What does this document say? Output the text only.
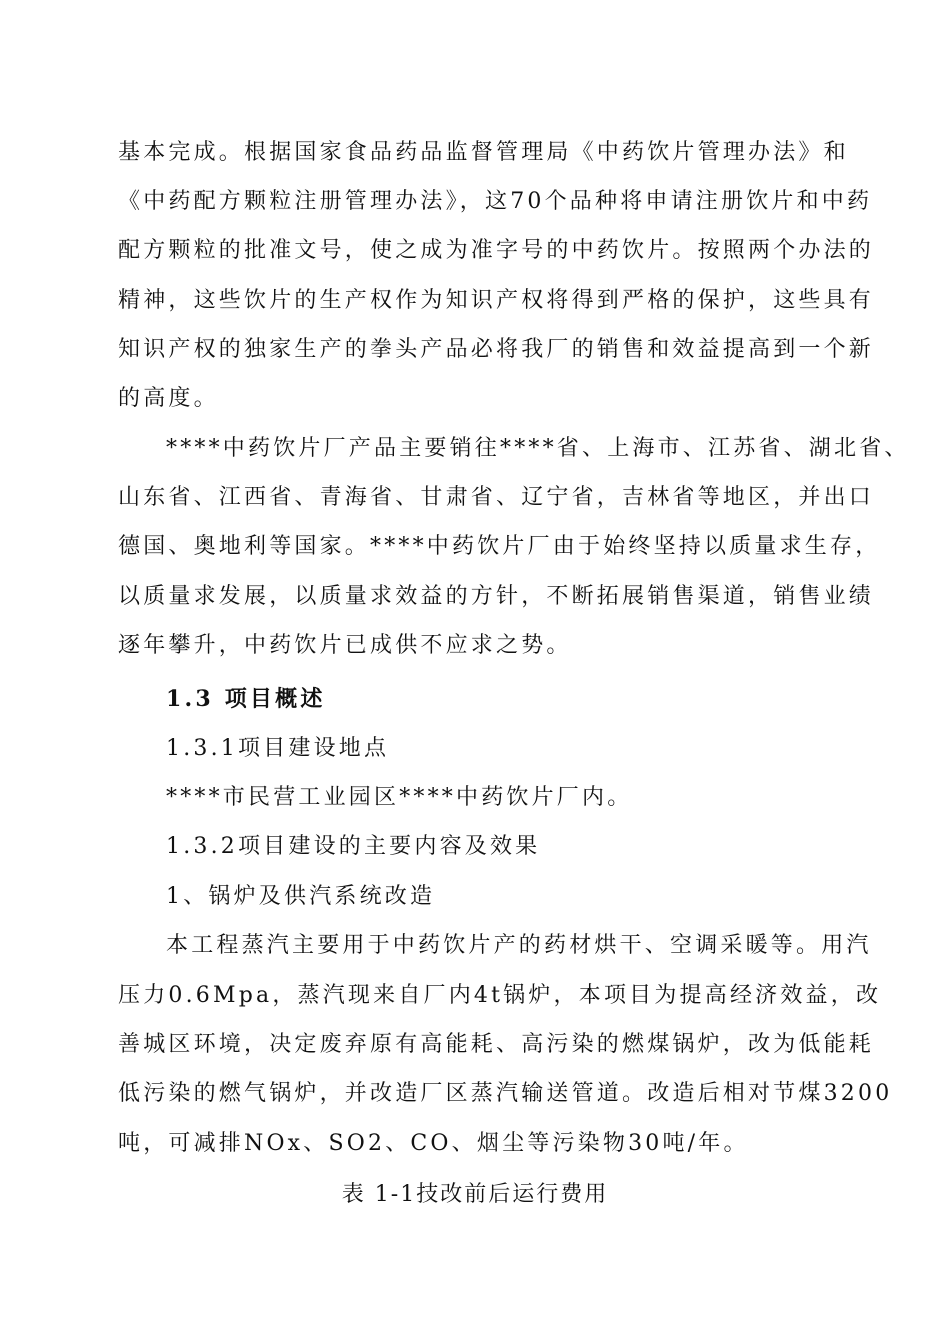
基本完成。根据国家食品药品监督管理局《中药饮片管理办法》和
《中药配方颗粒注册管理办法》，这70个品种将申请注册饮片和中药
配方颗粒的批准文号，使之成为准字号的中药饮片。按照两个办法的
精神，这些饮片的生产权作为知识产权将得到严格的保护，这些具有
知识产权的独家生产的拳头产品必将我厂的销售和效益提高到一个新
的高度。
****中药饮片厂产品主要销往****省、上海市、江苏省、湖北省、
山东省、江西省、青海省、甘肃省、辽宁省，吉林省等地区，并出口
德国、奥地利等国家。****中药饮片厂由于始终坚持以质量求生存，
以质量求发展，以质量求效益的方针，不断拓展销售渠道，销售业绩
逐年攀升，中药饮片已成供不应求之势。
1.3 项目概述
1.3.1项目建设地点
****市民营工业园区****中药饮片厂内。
1.3.2项目建设的主要内容及效果
1、锅炉及供汽系统改造
本工程蒸汽主要用于中药饮片产的药材烘干、空调采暖等。用汽
压力0.6Mpa，蒸汽现来自厂内4t锅炉，本项目为提高经济效益，改
善城区环境，决定废弃原有高能耗、高污染的燃煤锅炉，改为低能耗
低污染的燃气锅炉，并改造厂区蒸汽输送管道。改造后相对节煤3200
吨，可减排NOx、SO2、CO、烟尘等污染物30吨/年。
表 1-1技改前后运行费用
